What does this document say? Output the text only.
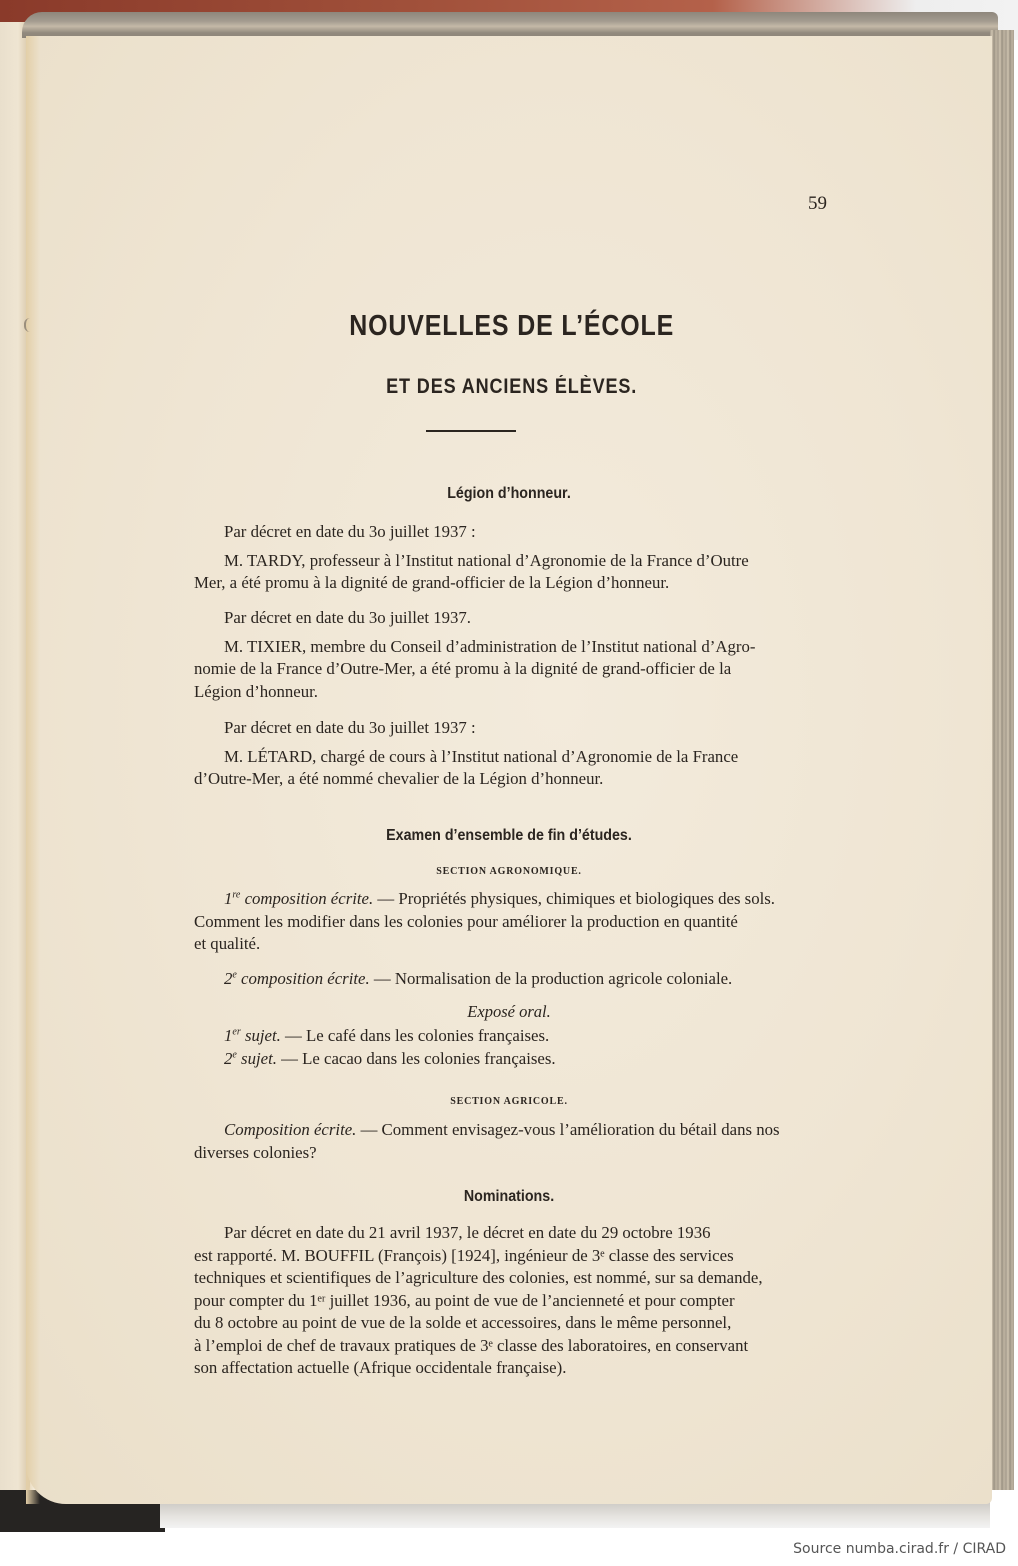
59
NOUVELLES DE L’ÉCOLE
ET DES ANCIENS ÉLÈVES.
Légion d’honneur.
Par décret en date du 3o juillet 1937 :
M. TARDY, professeur à l’Institut national d’Agronomie de la France d’Outre
Mer, a été promu à la dignité de grand-officier de la Légion d’honneur.
Par décret en date du 3o juillet 1937.
M. TIXIER, membre du Conseil d’administration de l’Institut national d’Agro-
nomie de la France d’Outre-Mer, a été promu à la dignité de grand-officier de la
Légion d’honneur.
Par décret en date du 3o juillet 1937 :
M. LÉTARD, chargé de cours à l’Institut national d’Agronomie de la France
d’Outre-Mer, a été nommé chevalier de la Légion d’honneur.
Examen d’ensemble de fin d’études.
SECTION AGRONOMIQUE.
1re composition écrite. — Propriétés physiques, chimiques et biologiques des sols.
Comment les modifier dans les colonies pour améliorer la production en quantité
et qualité.
2e composition écrite. — Normalisation de la production agricole coloniale.
Exposé oral.
1er sujet. — Le café dans les colonies françaises.
2e sujet. — Le cacao dans les colonies françaises.
SECTION AGRICOLE.
Composition écrite. — Comment envisagez-vous l’amélioration du bétail dans nos
diverses colonies?
Nominations.
Par décret en date du 21 avril 1937, le décret en date du 29 octobre 1936
est rapporté. M. BOUFFIL (François) [1924], ingénieur de 3ᵉ classe des services
techniques et scientifiques de l’agriculture des colonies, est nommé, sur sa demande,
pour compter du 1ᵉʳ juillet 1936, au point de vue de l’ancienneté et pour compter
du 8 octobre au point de vue de la solde et accessoires, dans le même personnel,
à l’emploi de chef de travaux pratiques de 3ᵉ classe des laboratoires, en conservant
son affectation actuelle (Afrique occidentale française).
Source numba.cirad.fr / CIRAD
